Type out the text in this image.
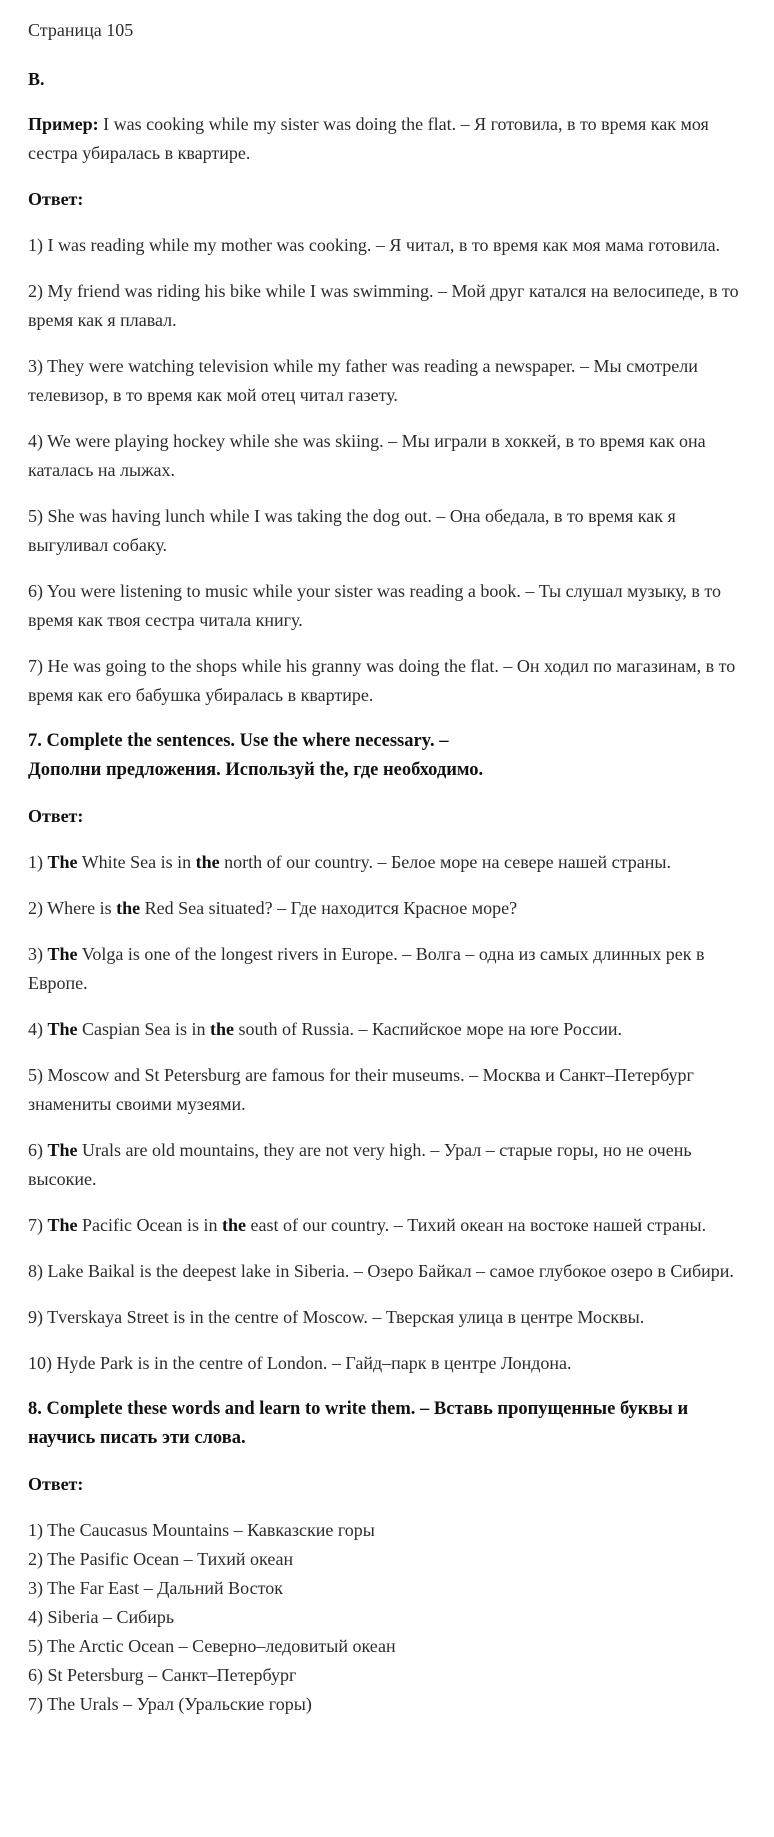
Страница 105
B.

Пример: I was cooking while my sister was doing the flat. – Я готовила, в то время как моя сестра убиралась в квартире.

Ответ:

1) I was reading while my mother was cooking. – Я читал, в то время как моя мама готовила.

2) My friend was riding his bike while I was swimming. – Мой друг катался на велосипеде, в то время как я плавал.

3) They were watching television while my father was reading a newspaper. – Мы смотрели телевизор, в то время как мой отец читал газету.

4) We were playing hockey while she was skiing. – Мы играли в хоккей, в то время как она каталась на лыжах.

5) She was having lunch while I was taking the dog out. – Она обедала, в то время как я выгуливал собаку.

6) You were listening to music while your sister was reading a book. – Ты слушал музыку, в то время как твоя сестра читала книгу.

7) He was going to the shops while his granny was doing the flat. – Он ходил по магазинам, в то время как его бабушка убиралась в квартире.

7. Complete the sentences. Use the where necessary. –
Дополни предложения. Используй the, где необходимо.
Ответ:

1) The White Sea is in the north of our country. – Белое море на севере нашей страны.

2) Where is the Red Sea situated? – Где находится Красное море?

3) The Volga is one of the longest rivers in Europe. – Волга – одна из самых длинных рек в Европе.

4) The Caspian Sea is in the south of Russia. – Каспийское море на юге России.

5) Moscow and St Petersburg are famous for their museums. – Москва и Санкт–Петербург знамениты своими музеями.

6) The Urals are old mountains, they are not very high. – Урал – старые горы, но не очень высокие.

7) The Pacific Ocean is in the east of our country. – Тихий океан на востоке нашей страны.

8) Lake Baikal is the deepest lake in Siberia. – Озеро Байкал – самое глубокое озеро в Сибири.

9) Tverskaya Street is in the centre of Moscow. – Тверская улица в центре Москвы.

10) Hyde Park is in the centre of London. – Гайд–парк в центре Лондона.

8. Complete these words and learn to write them. – Вставь пропущенные буквы и научись писать эти слова.
Ответ:

1) The Caucasus Mountains – Кавказские горы

2) The Pasific Ocean – Тихий океан

3) The Far East – Дальний Восток

4) Siberia – Сибирь

5) The Arctic Ocean – Северно–ледовитый океан

6) St Petersburg – Санкт–Петербург

7) The Urals – Урал (Уральские горы)
